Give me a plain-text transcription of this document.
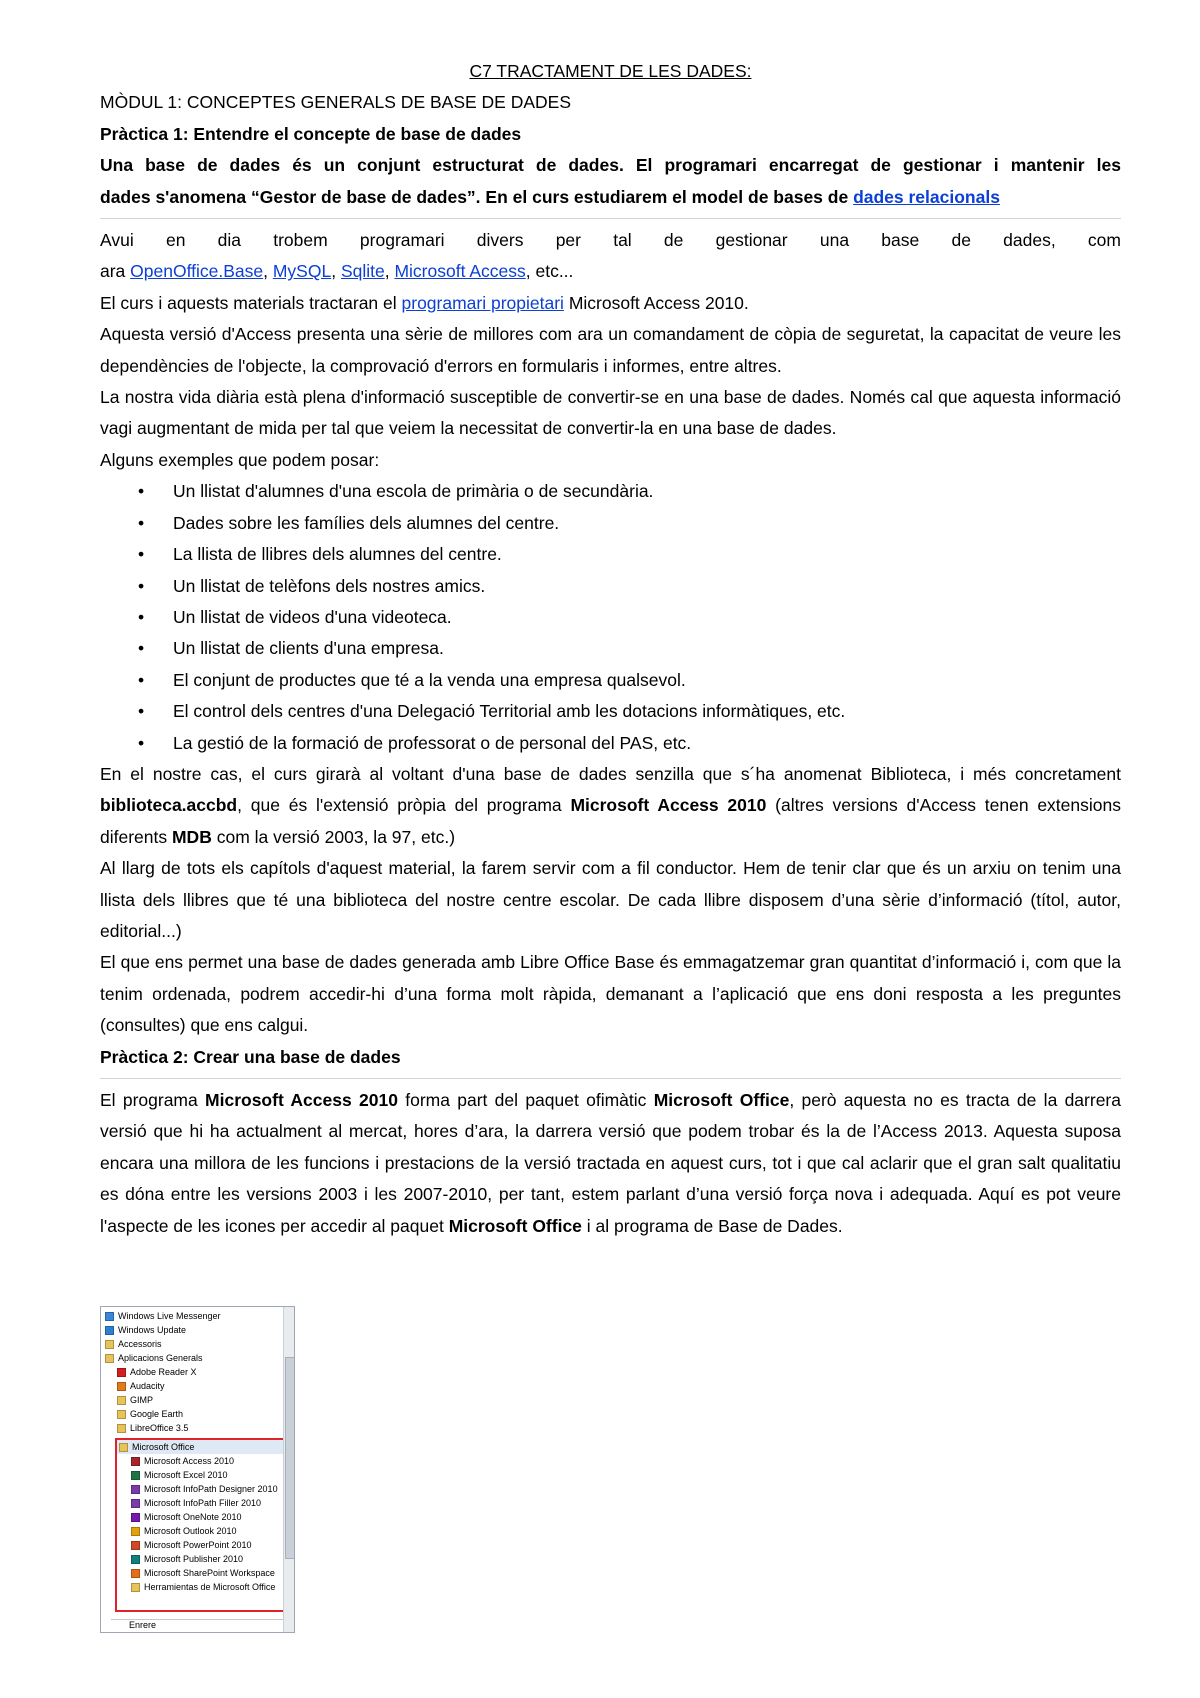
C7 TRACTAMENT DE LES DADES:

MÒDUL 1: CONCEPTES GENERALS DE BASE DE DADES

Pràctica 1: Entendre el concepte de base de dades

Una base de dades és un conjunt estructurat de dades. El programari encarregat de gestionar i mantenir les

dades s'anomena “Gestor de base de dades”. En el curs estudiarem el model de bases de dades relacionals

Avui en dia trobem programari divers per tal de gestionar una base de dades, com

ara OpenOffice.Base, MySQL, Sqlite, Microsoft Access, etc...

El curs i aquests materials tractaran el programari propietari Microsoft Access 2010.

Aquesta versió d'Access presenta una sèrie de millores com ara un comandament de còpia de seguretat, la capacitat de veure les dependències de l'objecte, la comprovació d'errors en formularis i informes, entre altres.

La nostra vida diària està plena d'informació susceptible de convertir-se en una base de dades. Només cal que aquesta informació vagi augmentant de mida per tal que veiem la necessitat de convertir-la en una base de dades.

Alguns exemples que podem posar:

• Un llistat d'alumnes d'una escola de primària o de secundària.
• Dades sobre les famílies dels alumnes del centre.
• La llista de llibres dels alumnes del centre.
• Un llistat de telèfons dels nostres amics.
• Un llistat de videos d'una videoteca.
• Un llistat de clients d'una empresa.
• El conjunt de productes que té a la venda una empresa qualsevol.
• El control dels centres d'una Delegació Territorial amb les dotacions informàtiques, etc.
• La gestió de la formació de professorat o de personal del PAS, etc.

En el nostre cas, el curs girarà al voltant d'una base de dades senzilla que s´ha anomenat Biblioteca, i més concretament biblioteca.accbd, que és l'extensió pròpia del programa Microsoft Access 2010 (altres versions d'Access tenen extensions diferents MDB com la versió 2003, la 97, etc.)

Al llarg de tots els capítols d'aquest material, la farem servir com a fil conductor. Hem de tenir clar que és un arxiu on tenim una llista dels llibres que té una biblioteca del nostre centre escolar. De cada llibre disposem d’una sèrie d’informació (títol, autor, editorial...)

El que ens permet una base de dades generada amb Libre Office Base és emmagatzemar gran quantitat d’informació i, com que la tenim ordenada, podrem accedir-hi d’una forma molt ràpida, demanant a l’aplicació que ens doni resposta a les preguntes (consultes) que ens calgui.

Pràctica 2: Crear una base de dades

El programa Microsoft Access 2010 forma part del paquet ofimàtic Microsoft Office, però aquesta no es tracta de la darrera versió que hi ha actualment al mercat, hores d’ara, la darrera versió que podem trobar és la de l’Access 2013. Aquesta suposa encara una millora de les funcions i prestacions de la versió tractada en aquest curs, tot i que cal aclarir que el gran salt qualitatiu es dóna entre les versions 2003 i les 2007-2010, per tant, estem parlant d’una versió força nova i adequada. Aquí es pot veure l'aspecte de les icones per accedir al paquet Microsoft Office i al programa de Base de Dades.

Windows Live Messenger
Windows Update
Accessoris
Aplicacions Generals
Adobe Reader X
Audacity
GIMP
Google Earth
LibreOffice 3.5
Microsoft Office
Microsoft Access 2010
Microsoft Excel 2010
Microsoft InfoPath Designer 2010
Microsoft InfoPath Filler 2010
Microsoft OneNote 2010
Microsoft Outlook 2010
Microsoft PowerPoint 2010
Microsoft Publisher 2010
Microsoft SharePoint Workspace
Herramientas de Microsoft Office
Enrere
